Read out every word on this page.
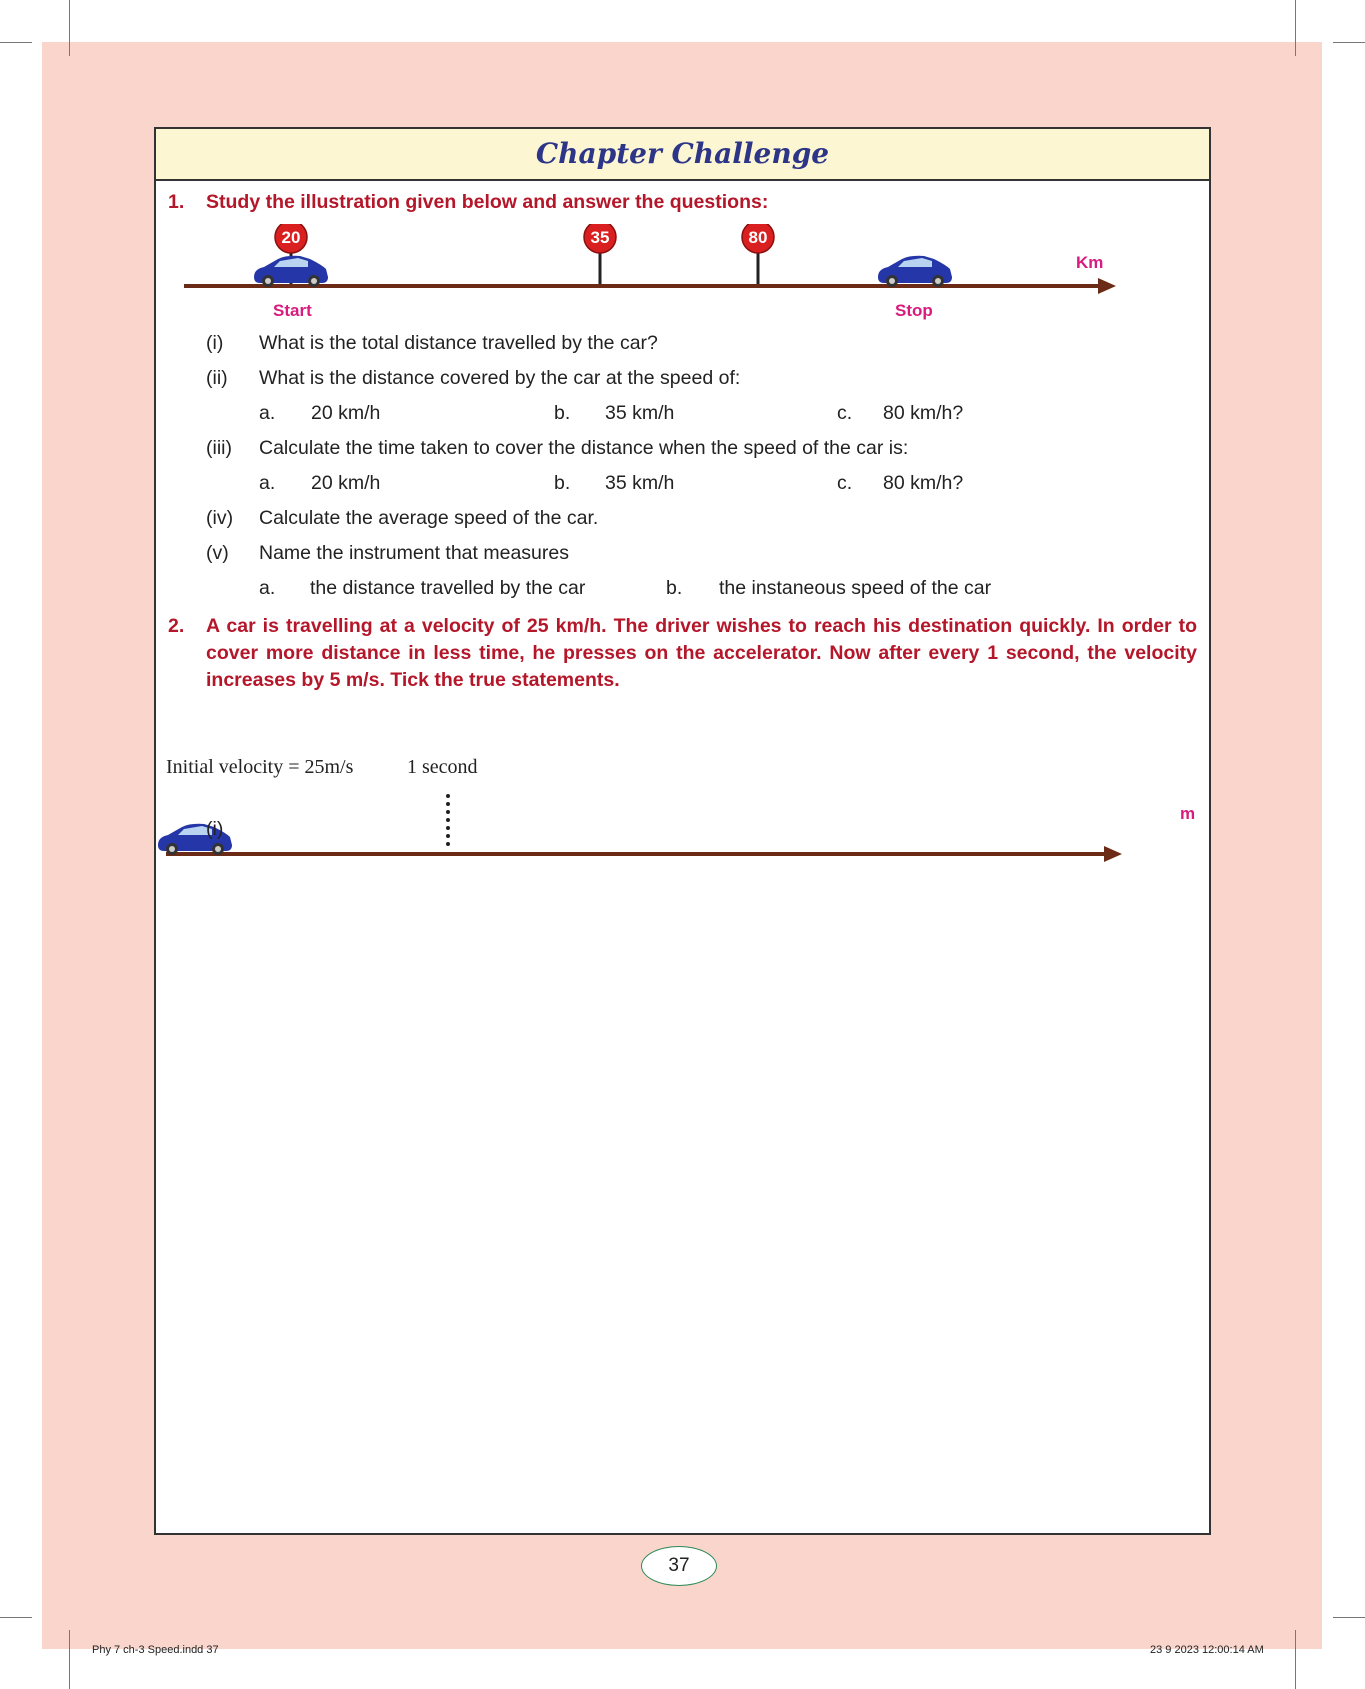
Chapter Challenge
1.	Study the illustration given below and answer the questions:
20	35	80
Km
Start	Stop
(i) What is the total distance travelled by the car?
(ii) What is the distance covered by the car at the speed of:
a. 20 km/h	b. 35 km/h	c. 80 km/h?
(iii) Calculate the time taken to cover the distance when the speed of the car is:
a. 20 km/h	b. 35 km/h	c. 80 km/h?
(iv) Calculate the average speed of the car.
(v) Name the instrument that measures
a. the distance travelled by the car	b. the instaneous speed of the car
2. A car is travelling at a velocity of 25 km/h. The driver wishes to reach his destination quickly. In order to cover more distance in less time, he presses on the accelerator. Now after every 1 second, the velocity increases by 5 m/s. Tick the true statements.
Initial velocity = 25m/s	1 second
m
(i)
37
Phy 7 ch-3 Speed.indd 37	23 9 2023 12:00:14 AM
